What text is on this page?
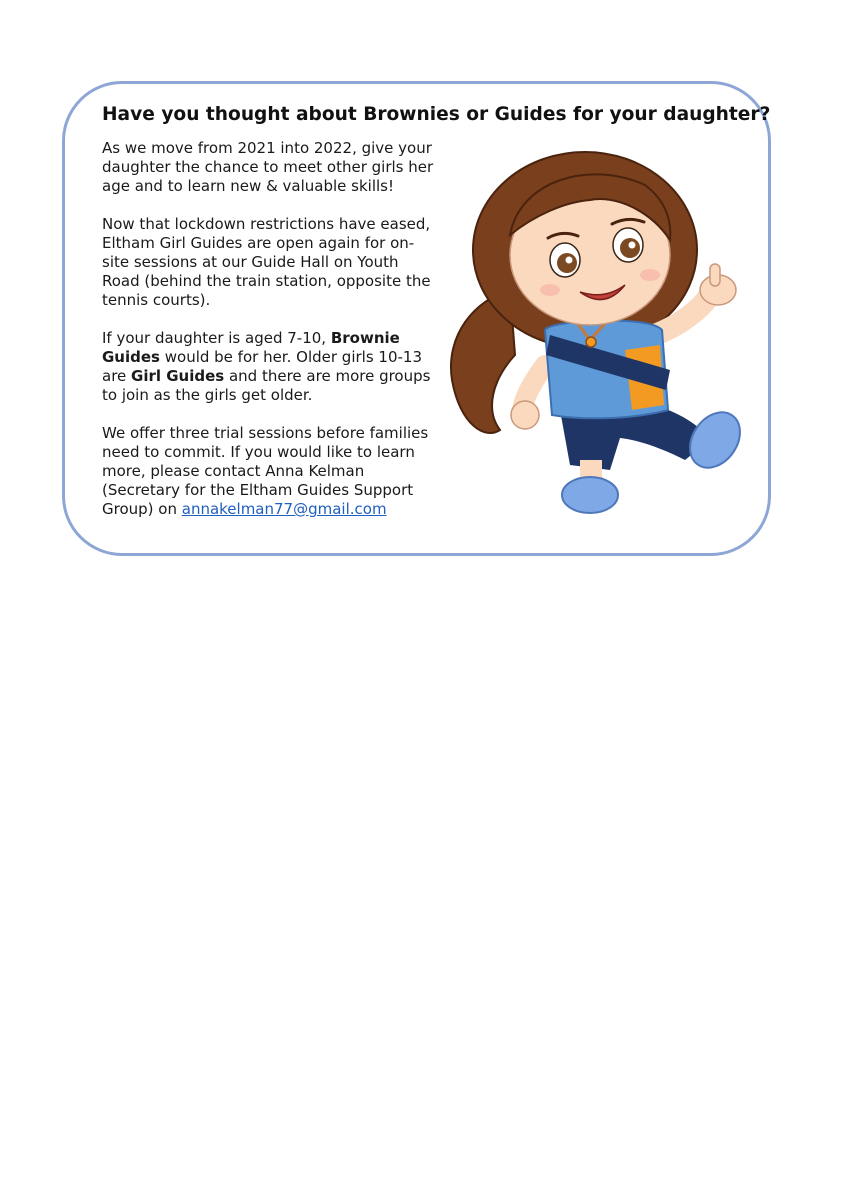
Have you thought about Brownies or Guides for your daughter?

As we move from 2021 into 2022, give your daughter the chance to meet other girls her age and to learn new & valuable skills!

Now that lockdown restrictions have eased, Eltham Girl Guides are open again for on-site sessions at our Guide Hall on Youth Road (behind the train station, opposite the tennis courts).

If your daughter is aged 7-10, Brownie Guides would be for her. Older girls 10-13 are Girl Guides and there are more groups to join as the girls get older.

We offer three trial sessions before families need to commit. If you would like to learn more, please contact Anna Kelman (Secretary for the Eltham Guides Support Group) on annakelman77@gmail.com
